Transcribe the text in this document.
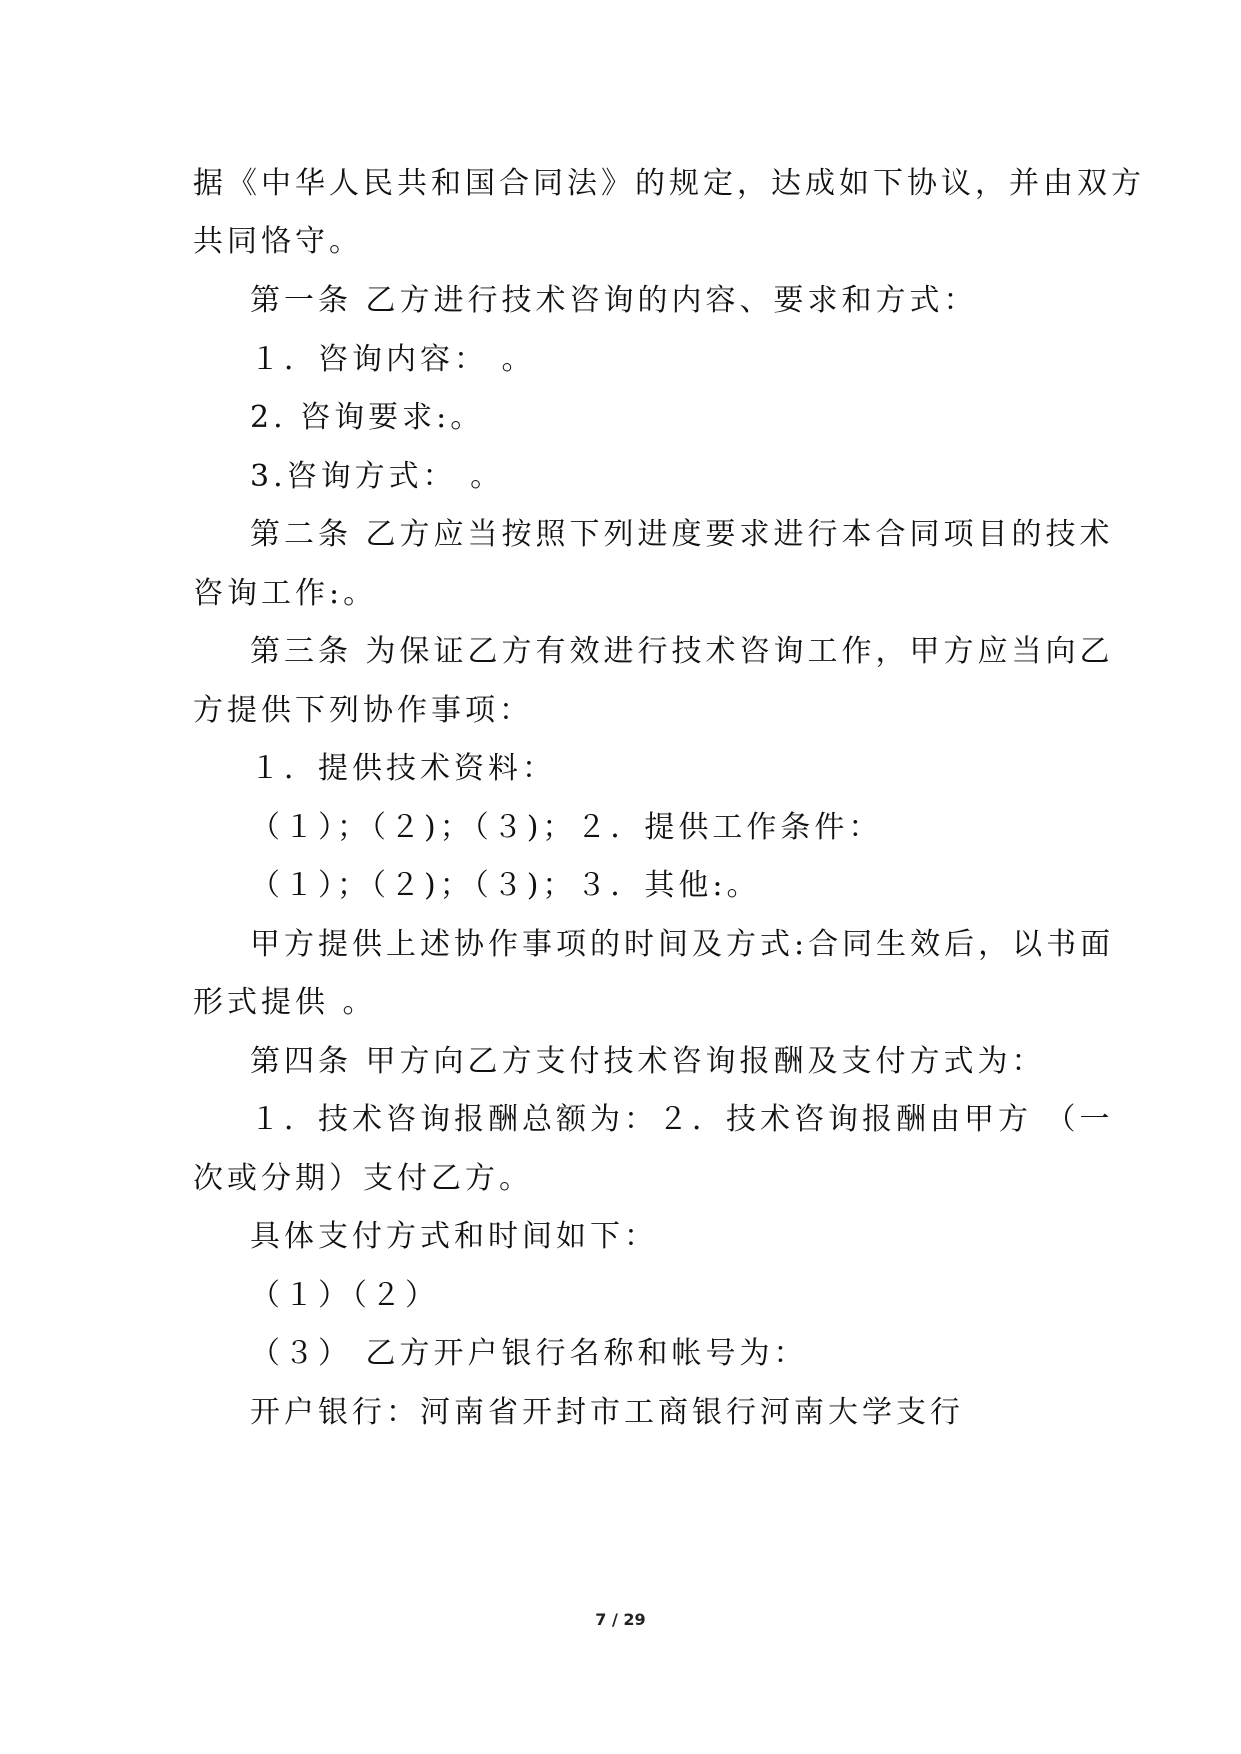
据《中华人民共和国合同法》的规定，达成如下协议，并由双方
共同恪守。
第一条 乙方进行技术咨询的内容、要求和方式：
１．咨询内容： 。
2. 咨询要求:。
3.咨询方式： 。
第二条 乙方应当按照下列进度要求进行本合同项目的技术
咨询工作:。
第三条 为保证乙方有效进行技术咨询工作，甲方应当向乙
方提供下列协作事项：
１．提供技术资料：
（１）；（２)；（３)；２．提供工作条件：
（１）；（２)；（３)；３．其他:。
甲方提供上述协作事项的时间及方式:合同生效后，以书面
形式提供 。
第四条 甲方向乙方支付技术咨询报酬及支付方式为：
１．技术咨询报酬总额为：２．技术咨询报酬由甲方 （一
次或分期）支付乙方。
具体支付方式和时间如下：
（１）（２）
（３） 乙方开户银行名称和帐号为：
开户银行：河南省开封市工商银行河南大学支行
7 / 29
